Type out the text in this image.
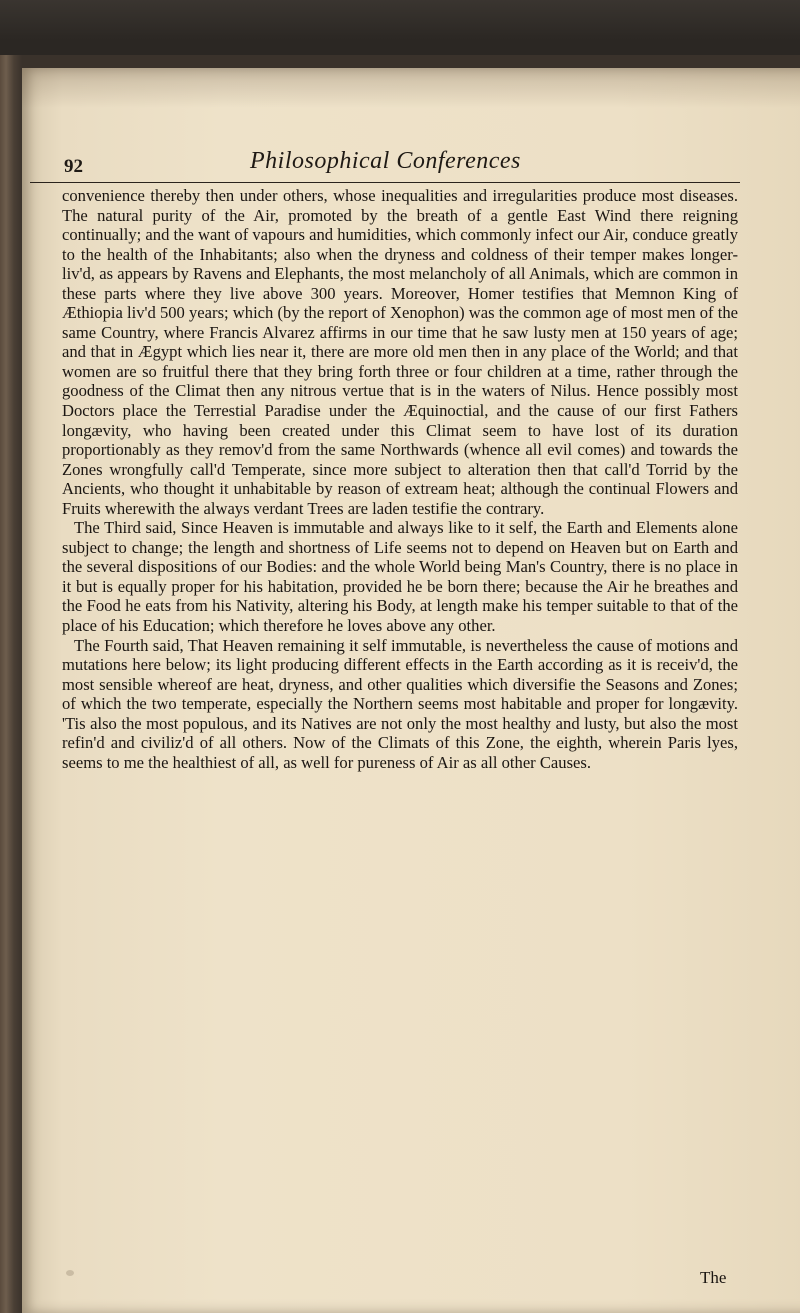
92	Philosophical Conferences

convenience thereby then under others, whose inequalities and irregularities produce most diseases. The natural purity of the Air, promoted by the breath of a gentle East Wind there reigning continually; and the want of vapours and humidities, which commonly infect our Air, conduce greatly to the health of the Inhabitants; also when the dryness and coldness of their temper makes longer-liv'd, as appears by Ravens and Elephants, the most melancholy of all Animals, which are common in these parts where they live above 300 years. Moreover, Homer testifies that Memnon King of Æthiopia liv'd 500 years; which (by the report of Xenophon) was the common age of most men of the same Country, where Francis Alvarez affirms in our time that he saw lusty men at 150 years of age; and that in Ægypt which lies near it, there are more old men then in any place of the World; and that women are so fruitful there that they bring forth three or four children at a time, rather through the goodness of the Climat then any nitrous vertue that is in the waters of Nilus. Hence possibly most Doctors place the Terrestial Paradise under the Æquinoctial, and the cause of our first Fathers longævity, who having been created under this Climat seem to have lost of its duration proportionably as they remov'd from the same Northwards (whence all evil comes) and towards the Zones wrongfully call'd Temperate, since more subject to alteration then that call'd Torrid by the Ancients, who thought it unhabitable by reason of extream heat; although the continual Flowers and Fruits wherewith the always verdant Trees are laden testifie the contrary.

The Third said, Since Heaven is immutable and always like to it self, the Earth and Elements alone subject to change; the length and shortness of Life seems not to depend on Heaven but on Earth and the several dispositions of our Bodies: and the whole World being Man's Country, there is no place in it but is equally proper for his habitation, provided he be born there; because the Air he breathes and the Food he eats from his Nativity, altering his Body, at length make his temper suitable to that of the place of his Education; which therefore he loves above any other.

The Fourth said, That Heaven remaining it self immutable, is nevertheless the cause of motions and mutations here below; its light producing different effects in the Earth according as it is receiv'd, the most sensible whereof are heat, dryness, and other qualities which diversifie the Seasons and Zones; of which the two temperate, especially the Northern seems most habitable and proper for longævity. 'Tis also the most populous, and its Natives are not only the most healthy and lusty, but also the most refin'd and civiliz'd of all others. Now of the Climats of this Zone, the eighth, wherein Paris lyes, seems to me the healthiest of all, as well for pureness of Air as all other Causes.

The
